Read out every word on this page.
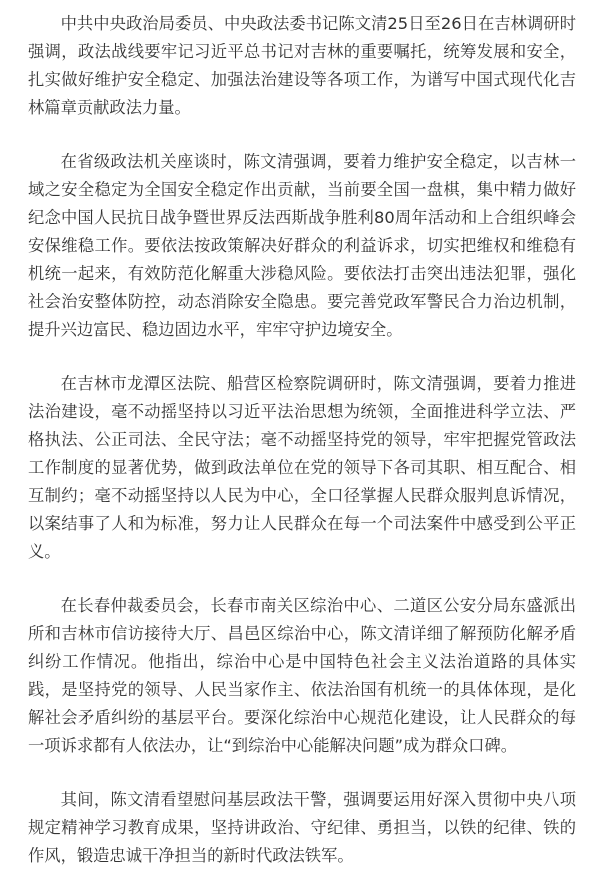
中共中央政治局委员、中央政法委书记陈文清25日至26日在吉林调研时强调，政法战线要牢记习近平总书记对吉林的重要嘱托，统筹发展和安全，扎实做好维护安全稳定、加强法治建设等各项工作，为谱写中国式现代化吉林篇章贡献政法力量。

在省级政法机关座谈时，陈文清强调，要着力维护安全稳定，以吉林一域之安全稳定为全国安全稳定作出贡献，当前要全国一盘棋，集中精力做好纪念中国人民抗日战争暨世界反法西斯战争胜利80周年活动和上合组织峰会安保维稳工作。要依法按政策解决好群众的利益诉求，切实把维权和维稳有机统一起来，有效防范化解重大涉稳风险。要依法打击突出违法犯罪，强化社会治安整体防控，动态消除安全隐患。要完善党政军警民合力治边机制，提升兴边富民、稳边固边水平，牢牢守护边境安全。

在吉林市龙潭区法院、船营区检察院调研时，陈文清强调，要着力推进法治建设，毫不动摇坚持以习近平法治思想为统领，全面推进科学立法、严格执法、公正司法、全民守法；毫不动摇坚持党的领导，牢牢把握党管政法工作制度的显著优势，做到政法单位在党的领导下各司其职、相互配合、相互制约；毫不动摇坚持以人民为中心，全口径掌握人民群众服判息诉情况，以案结事了人和为标准，努力让人民群众在每一个司法案件中感受到公平正义。

在长春仲裁委员会，长春市南关区综治中心、二道区公安分局东盛派出所和吉林市信访接待大厅、昌邑区综治中心，陈文清详细了解预防化解矛盾纠纷工作情况。他指出，综治中心是中国特色社会主义法治道路的具体实践，是坚持党的领导、人民当家作主、依法治国有机统一的具体体现，是化解社会矛盾纠纷的基层平台。要深化综治中心规范化建设，让人民群众的每一项诉求都有人依法办，让“到综治中心能解决问题”成为群众口碑。

其间，陈文清看望慰问基层政法干警，强调要运用好深入贯彻中央八项规定精神学习教育成果，坚持讲政治、守纪律、勇担当，以铁的纪律、铁的作风，锻造忠诚干净担当的新时代政法铁军。
